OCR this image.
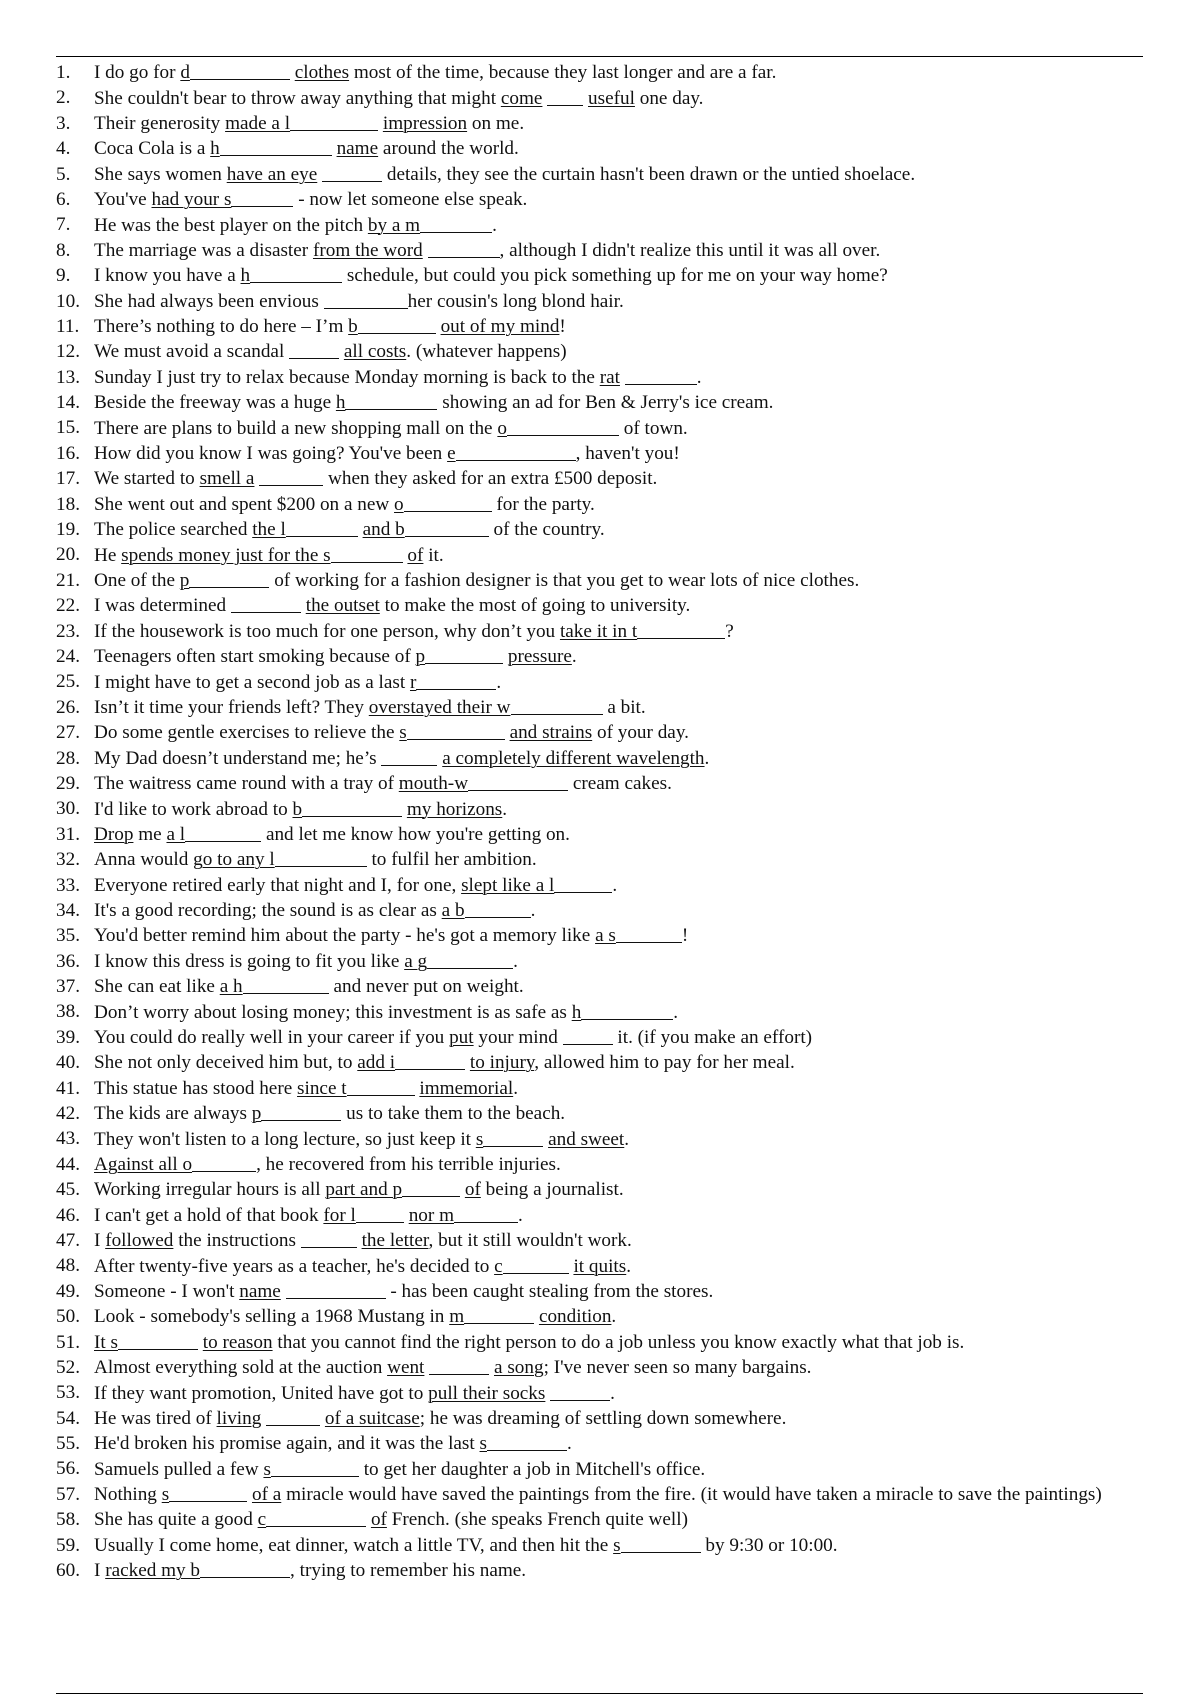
1. I do go for d	clothes most of the time, because they last longer and are a far.
2. She couldn't bear to throw away anything that might come useful one day.
3. Their generosity made a l	impression on me.
4. Coca Cola is a h	name around the world.
5. She says women have an eye	details, they see the curtain hasn't been drawn or the untied shoelace.
6. You've had your s	- now let someone else speak.
7. He was the best player on the pitch by a m	.
8. The marriage was a disaster from the word	, although I didn't realize this until it was all over.
9. I know you have a h	schedule, but could you pick something up for me on your way home?
10. She had always been envious	her cousin's long blond hair.
11. There’s nothing to do here – I’m b	out of my mind!
12. We must avoid a scandal	all costs. (whatever happens)
13. Sunday I just try to relax because Monday morning is back to the rat	.
14. Beside the freeway was a huge h	showing an ad for Ben & Jerry's ice cream.
15. There are plans to build a new shopping mall on the o	of town.
16. How did you know I was going? You've been e	, haven't you!
17. We started to smell a	when they asked for an extra £500 deposit.
18. She went out and spent $200 on a new o	for the party.
19. The police searched the l	and b	of the country.
20. He spends money just for the s	of it.
21. One of the p	of working for a fashion designer is that you get to wear lots of nice clothes.
22. I was determined	the outset to make the most of going to university.
23. If the housework is too much for one person, why don’t you take it in t	?
24. Teenagers often start smoking because of p	pressure.
25. I might have to get a second job as a last r	.
26. Isn’t it time your friends left? They overstayed their w	a bit.
27. Do some gentle exercises to relieve the s	and strains of your day.
28. My Dad doesn’t understand me; he’s	a completely different wavelength.
29. The waitress came round with a tray of mouth-w	cream cakes.
30. I'd like to work abroad to b	my horizons.
31. Drop me a l	and let me know how you're getting on.
32. Anna would go to any l	to fulfil her ambition.
33. Everyone retired early that night and I, for one, slept like a l	.
34. It's a good recording; the sound is as clear as a b	.
35. You'd better remind him about the party - he's got a memory like a s	!
36. I know this dress is going to fit you like a g	.
37. She can eat like a h	and never put on weight.
38. Don’t worry about losing money; this investment is as safe as h	.
39. You could do really well in your career if you put your mind	it. (if you make an effort)
40. She not only deceived him but, to add i	to injury, allowed him to pay for her meal.
41. This statue has stood here since t	immemorial.
42. The kids are always p	us to take them to the beach.
43. They won't listen to a long lecture, so just keep it s	and sweet.
44. Against all o	, he recovered from his terrible injuries.
45. Working irregular hours is all part and p	of being a journalist.
46. I can't get a hold of that book for l	nor m	.
47. I followed the instructions	the letter, but it still wouldn't work.
48. After twenty-five years as a teacher, he's decided to c	it quits.
49. Someone - I won't name	- has been caught stealing from the stores.
50. Look - somebody's selling a 1968 Mustang in m	condition.
51. It s	to reason that you cannot find the right person to do a job unless you know exactly what that job is.
52. Almost everything sold at the auction went	a song; I've never seen so many bargains.
53. If they want promotion, United have got to pull their socks	.
54. He was tired of living	of a suitcase; he was dreaming of settling down somewhere.
55. He'd broken his promise again, and it was the last s	.
56. Samuels pulled a few s	to get her daughter a job in Mitchell's office.
57. Nothing s	of a miracle would have saved the paintings from the fire. (it would have taken a miracle to save the paintings)
58. She has quite a good c	of French. (she speaks French quite well)
59. Usually I come home, eat dinner, watch a little TV, and then hit the s	by 9:30 or 10:00.
60. I racked my b	, trying to remember his name.
